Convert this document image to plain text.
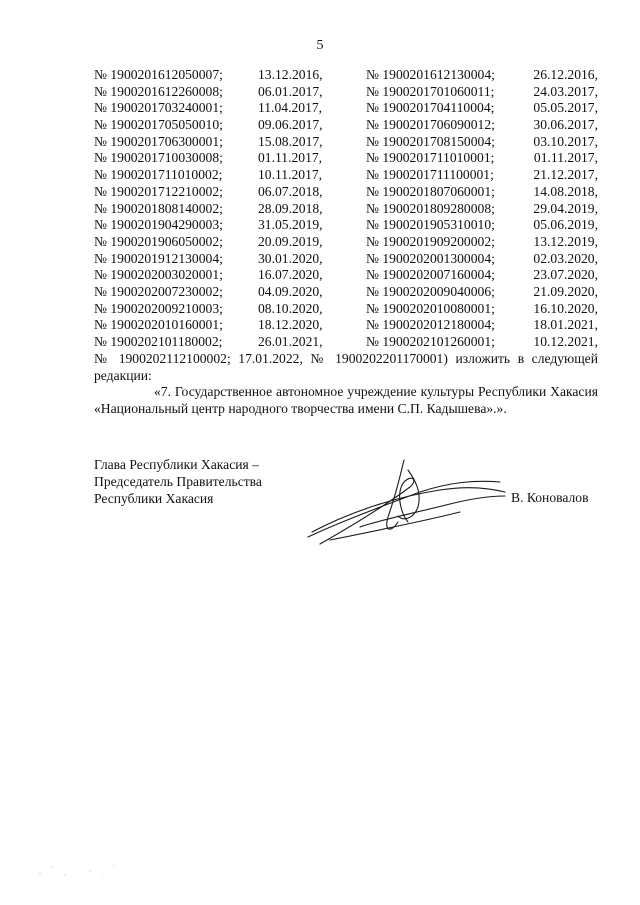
5
№ 1900201612050007;	13.12.2016,	№ 1900201612130004;	26.12.2016,
№ 1900201612260008;	06.01.2017,	№ 1900201701060011;	24.03.2017,
№ 1900201703240001;	11.04.2017,	№ 1900201704110004;	05.05.2017,
№ 1900201705050010;	09.06.2017,	№ 1900201706090012;	30.06.2017,
№ 1900201706300001;	15.08.2017,	№ 1900201708150004;	03.10.2017,
№ 1900201710030008;	01.11.2017,	№ 1900201711010001;	01.11.2017,
№ 1900201711010002;	10.11.2017,	№ 1900201711100001;	21.12.2017,
№ 1900201712210002;	06.07.2018,	№ 1900201807060001;	14.08.2018,
№ 1900201808140002;	28.09.2018,	№ 1900201809280008;	29.04.2019,
№ 1900201904290003;	31.05.2019,	№ 1900201905310010;	05.06.2019,
№ 1900201906050002;	20.09.2019,	№ 1900201909200002;	13.12.2019,
№ 1900201912130004;	30.01.2020,	№ 1900202001300004;	02.03.2020,
№ 1900202003020001;	16.07.2020,	№ 1900202007160004;	23.07.2020,
№ 1900202007230002;	04.09.2020,	№ 1900202009040006;	21.09.2020,
№ 1900202009210003;	08.10.2020,	№ 1900202010080001;	16.10.2020,
№ 1900202010160001;	18.12.2020,	№ 1900202012180004;	18.01.2021,
№ 1900202101180002;	26.01.2021,	№ 1900202101260001;	10.12.2021,
№ 1900202112100002; 17.01.2022, № 1900202201170001) изложить в следующей
редакции:
«7. Государственное автономное учреждение культуры Республики Хакасия
«Национальный центр народного творчества имени С.П. Кадышева».».
Глава Республики Хакасия –
Председатель Правительства
Республики Хакасия	В. Коновалов
